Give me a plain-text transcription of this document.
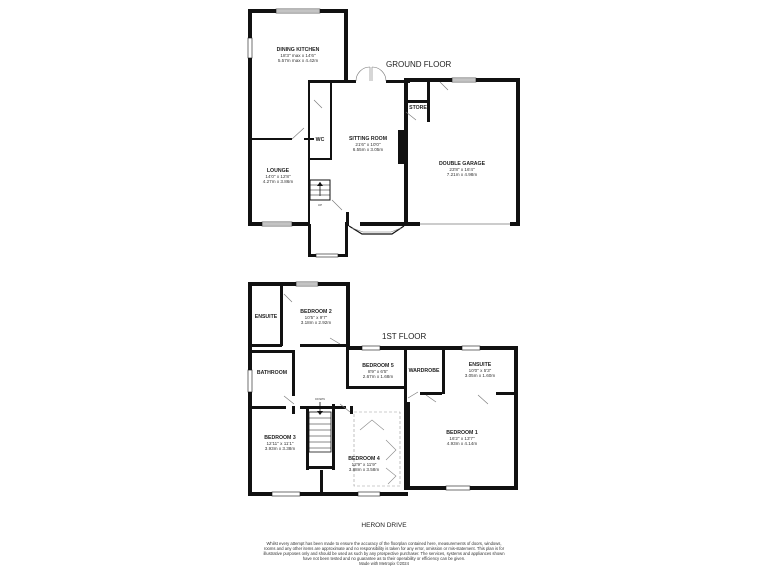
GROUND FLOOR
DINING KITCHEN
18'3" max x 14'6"
5.57m max x 4.42m
LOUNGE
14'0" x 12'8"
4.27m x 3.86m
WC	SITTING ROOM
21'6" x 10'0"
6.55m x 3.05m
STORE
DOUBLE GARAGE
23'8" x 16'4"
7.21m x 4.98m
UP
1ST FLOOR
ENSUITE
BEDROOM 2
10'5" x 9'7"
3.18m x 2.92m
BATHROOM
BEDROOM 5
8'9" x 6'5"
2.67m x 1.68m
WARDROBE
ENSUITE
10'0" x 5'3"
3.05m x 1.60m
BEDROOM 3
12'11" x 11'1"
3.93m x 3.38m
BEDROOM 4
12'9" x 11'9"
3.88m x 3.58m
BEDROOM 1
16'2" x 13'7"
4.93m x 4.14m
DOWN
HERON DRIVE
Whilst every attempt has been made to ensure the accuracy of the floorplan contained here, measurements of doors, windows, rooms and any other items are approximate and no responsibility is taken for any error, omission or mis-statement. This plan is for illustrative purposes only and should be used as such by any prospective purchaser. The services, systems and appliances shown have not been tested and no guarantee as to their operability or efficiency can be given.
Made with Metropix ©2024
